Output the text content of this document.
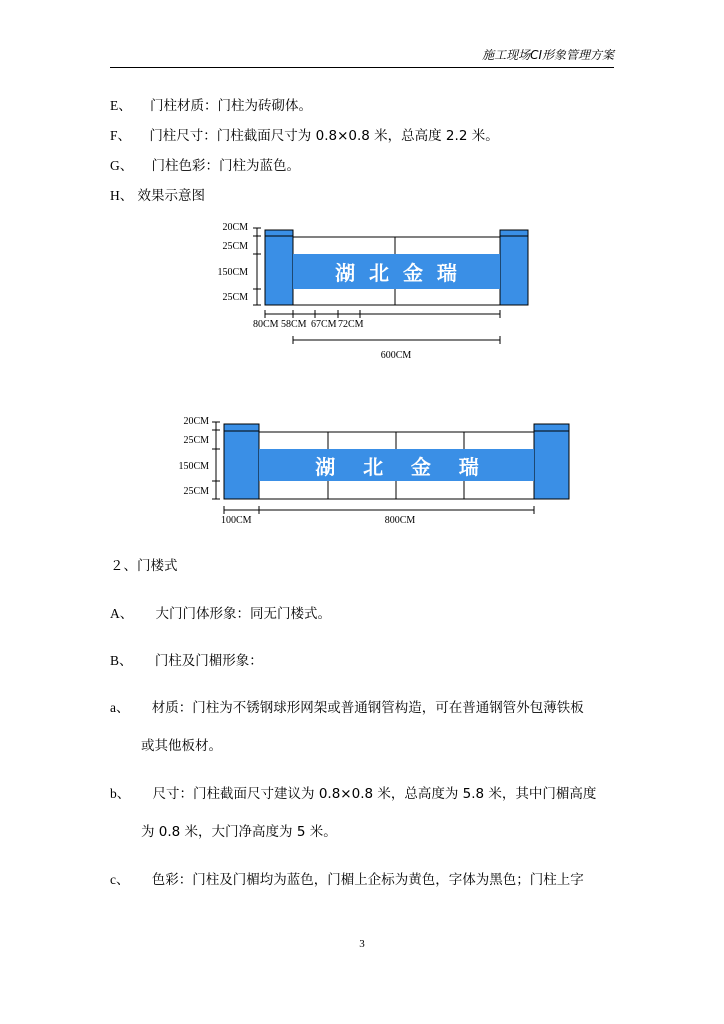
施工现场CI形象管理方案
E、 门柱材质：门柱为砖砌体。
F、 门柱尺寸：门柱截面尺寸为 0.8×0.8 米，总高度 2.2 米。
G、 门柱色彩：门柱为蓝色。
H、 效果示意图
湖  北  金  瑞
20CM
25CM
150CM
25CM
80CM 58CM 67CM 72CM
600CM
湖    北    金    瑞
20CM
25CM
150CM
25CM
100CM	800CM
２、门楼式
A、 大门门体形象：同无门楼式。
B、 门柱及门楣形象：
a、 材质：门柱为不锈钢球形网架或普通钢管构造，可在普通钢管外包薄铁板
或其他板材。
b、 尺寸：门柱截面尺寸建议为 0.8×0.8 米，总高度为 5.8 米，其中门楣高度
为 0.8 米，大门净高度为 5 米。
c、 色彩：门柱及门楣均为蓝色，门楣上企标为黄色，字体为黑色；门柱上字
3
